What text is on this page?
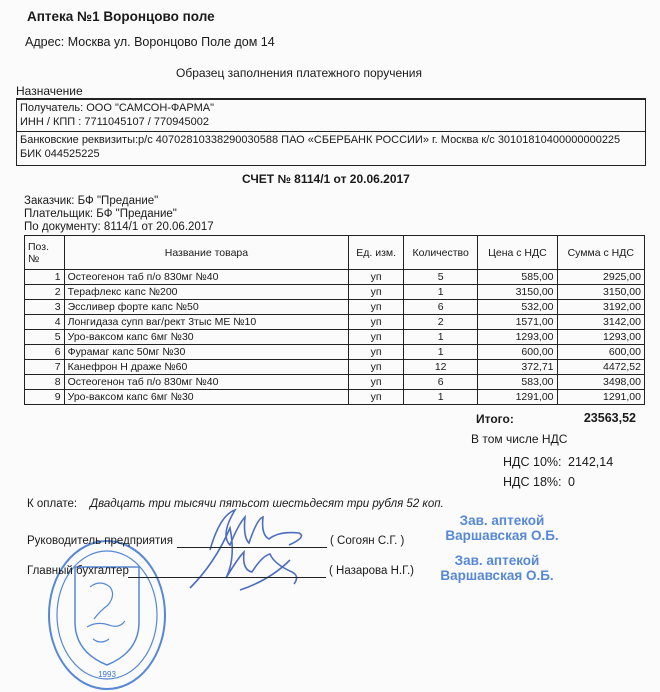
Аптека №1 Воронцово поле
Адрес: Москва ул. Воронцово Поле дом 14
Образец заполнения платежного поручения
Назначение
Получатель: ООО "САМСОН-ФАРМА"
ИНН / КПП : 7711045107 / 770945002
Банковские реквизиты:р/с 40702810338290030588 ПАО «СБЕРБАНК РОССИИ» г. Москва к/с 30101810400000000225
БИК 044525225
СЧЕТ № 8114/1 от 20.06.2017
Заказчик: БФ "Предание"
Плательщик: БФ "Предание"
По документу: 8114/1 от 20.06.2017
Поз. №	Название товара	Ед. изм.	Количество	Цена с НДС	Сумма с НДС
1	Остеогенон таб п/о 830мг №40	уп	5	585,00	2925,00
2	Терафлекс капс №200	уп	1	3150,00	3150,00
3	Эссливер форте капс №50	уп	6	532,00	3192,00
4	Лонгидаза супп ваг/рект 3тыс МЕ №10	уп	2	1571,00	3142,00
5	Уро-ваксом капс 6мг №30	уп	1	1293,00	1293,00
6	Фурамаг капс 50мг №30	уп	1	600,00	600,00
7	Канефрон Н драже №60	уп	12	372,71	4472,52
8	Остеогенон таб п/о 830мг №40	уп	6	583,00	3498,00
9	Уро-ваксом капс 6мг №30	уп	1	1291,00	1291,00
Итого:	23563,52
В том числе НДС
НДС 10%: 2142,14
НДС 18%: 0
К оплате: Двадцать три тысячи пятьсот шестьдесят три рубля 52 коп.
1993
Руководитель предприятия	( Согоян С.Г. )
Главный бухгалтер	( Назарова Н.Г.)
Зав. аптекой
Варшавская О.Б.
Зав. аптекой
Варшавская О.Б.
